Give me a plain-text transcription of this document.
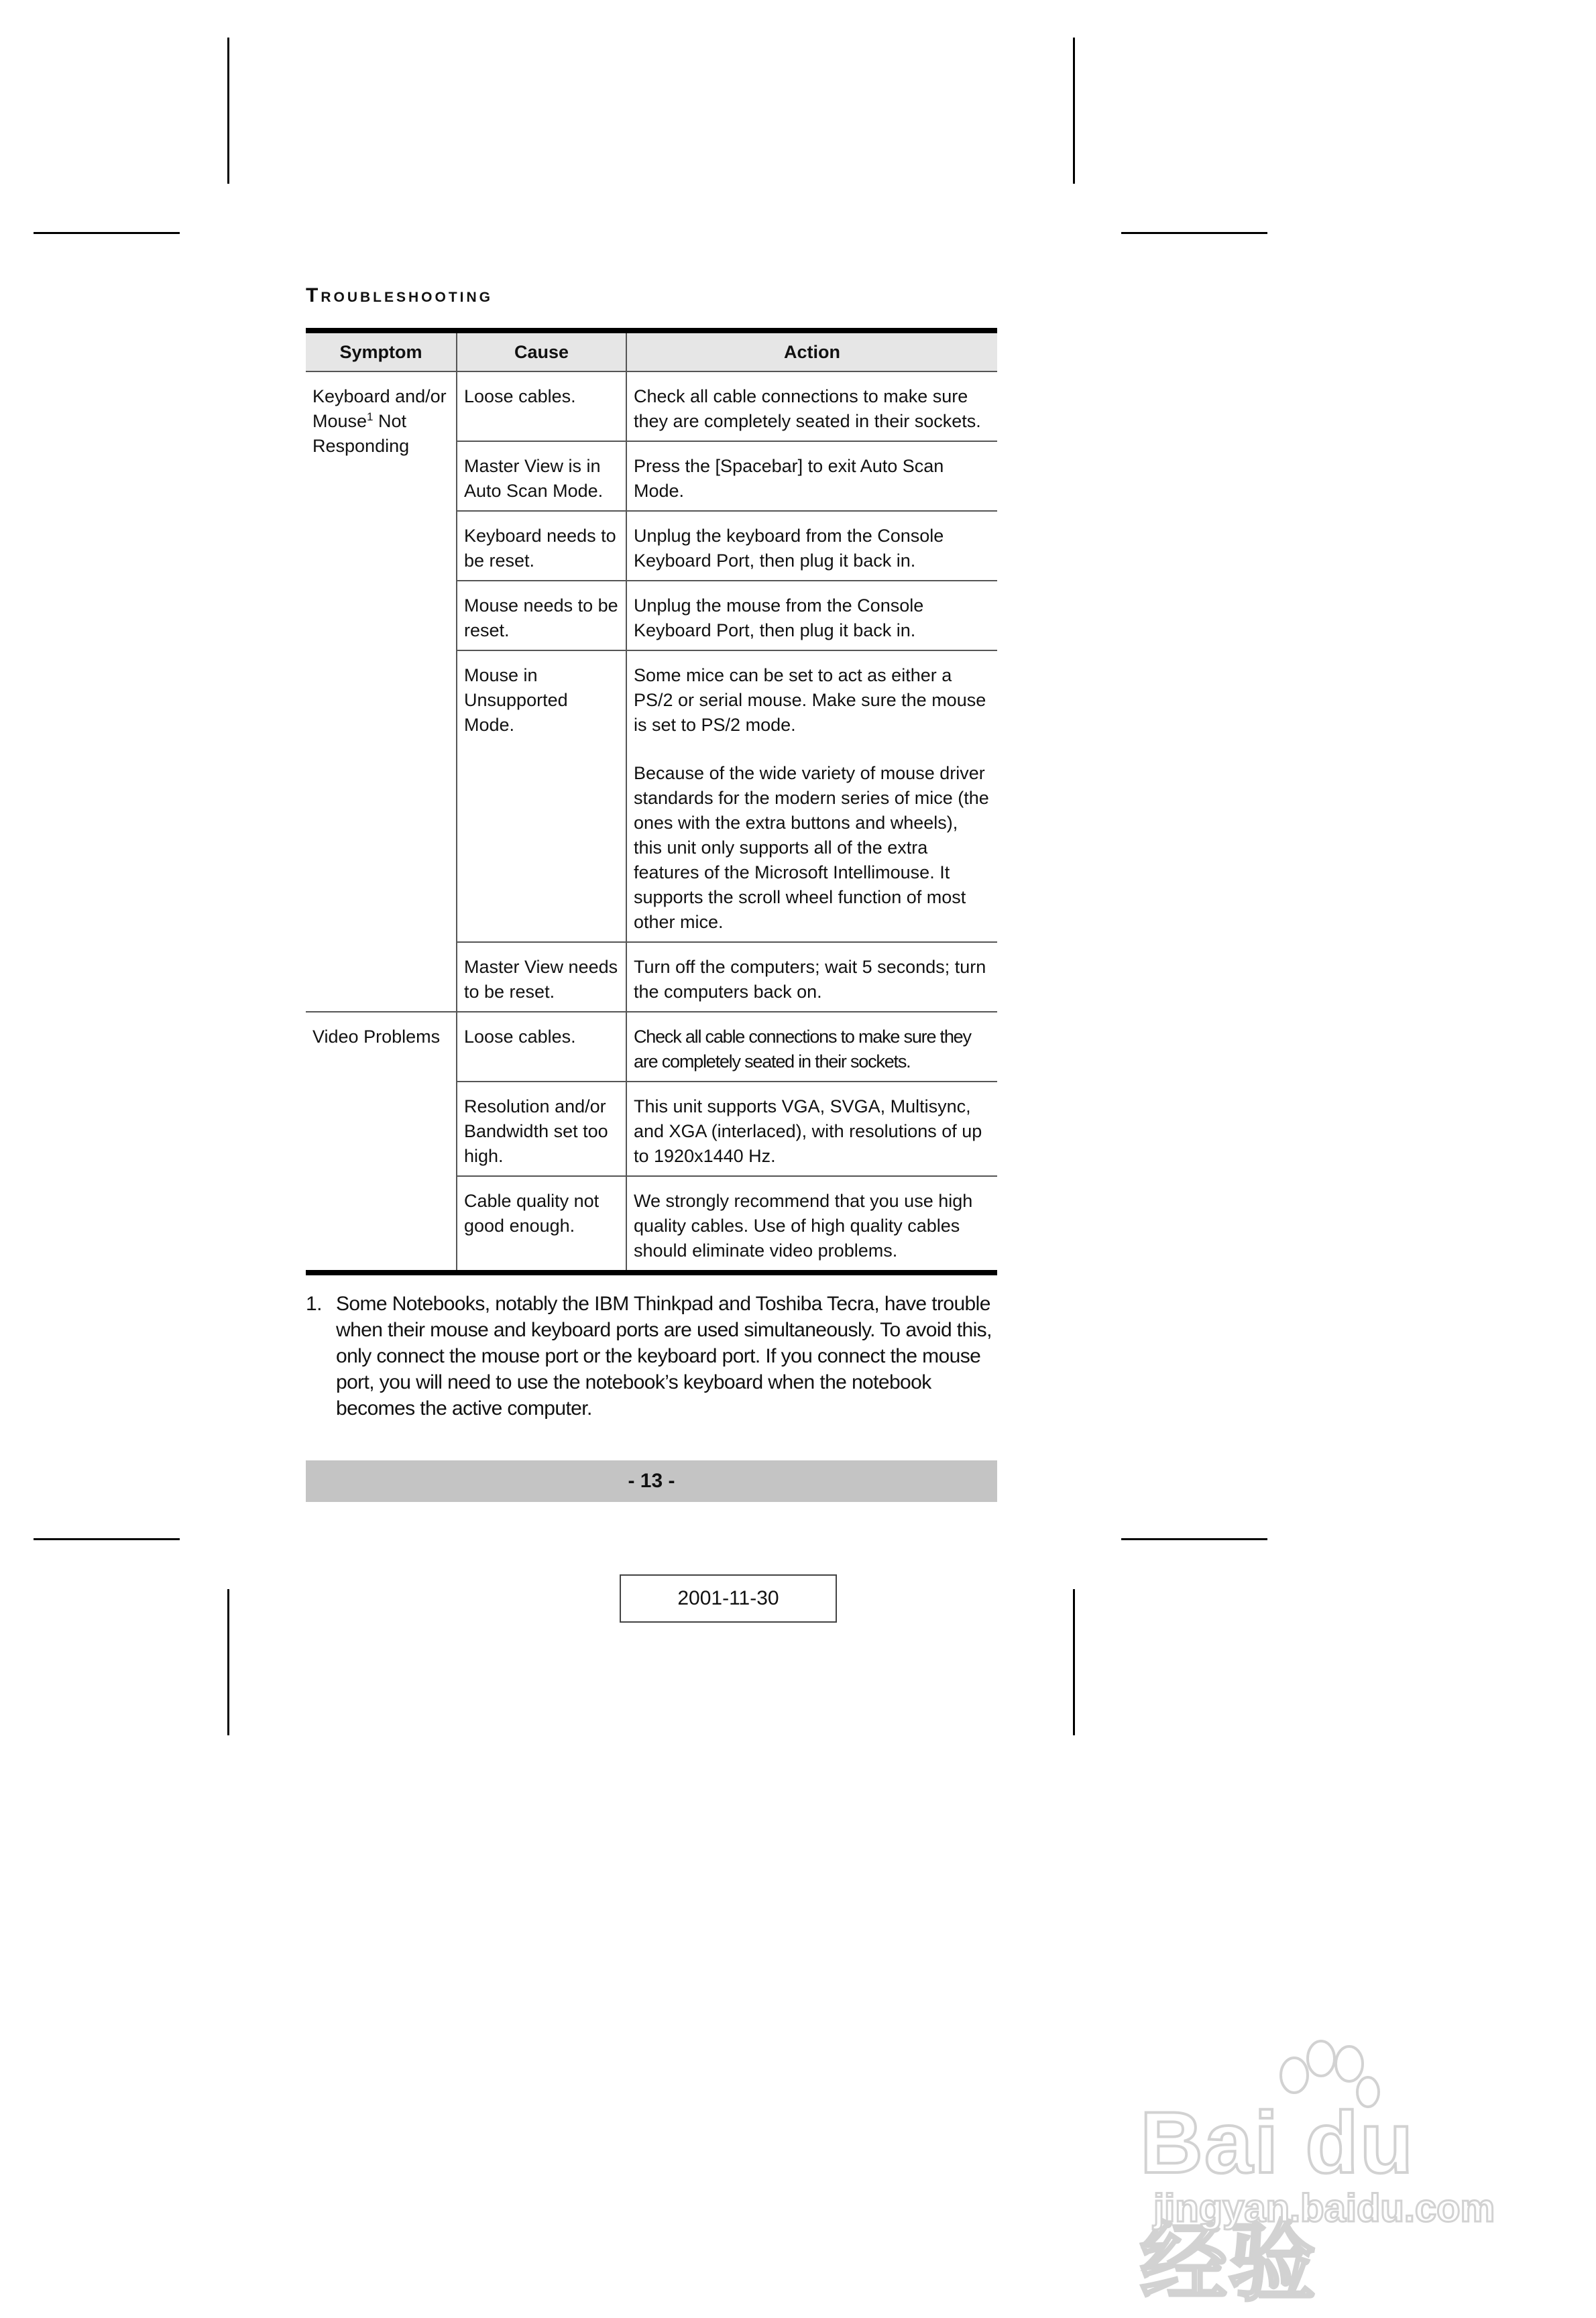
Troubleshooting
Symptom	Cause	Action
Keyboard and/or Mouse$^1$ Not Responding	Loose cables.	Check all cable connections to make sure they are completely seated in their sockets.
	Master View is in Auto Scan Mode.	Press the [Spacebar] to exit Auto Scan Mode.
	Keyboard needs to be reset.	Unplug the keyboard from the Console Keyboard Port, then plug it back in.
	Mouse needs to be reset.	Unplug the mouse from the Console Keyboard Port, then plug it back in.
	Mouse in Unsupported Mode.	Some mice can be set to act as either a PS/2 or serial mouse. Make sure the mouse is set to PS/2 mode.
Because of the wide variety of mouse driver standards for the modern series of mice (the ones with the extra buttons and wheels), this unit only supports all of the extra features of the Microsoft Intellimouse. It supports the scroll wheel function of most other mice.

	Master View needs to be reset.	Turn off the computers; wait 5 seconds; turn the computers back on.
Video Problems	Loose cables.	Check all cable connections to make sure they are completely seated in their sockets.
	Resolution and/or Bandwidth set too high.	This unit supports VGA, SVGA, Multisync, and XGA (interlaced), with resolutions of up to 1920x1440 Hz.
	Cable quality not good enough.	We strongly recommend that you use high quality cables. Use of high quality cables should eliminate video problems.
1. Some Notebooks, notably the IBM Thinkpad and Toshiba Tecra, have trouble when their mouse and keyboard ports are used simultaneously. To avoid this, only connect the mouse port or the keyboard port. If you connect the mouse port, you will need to use the notebook’s keyboard when the notebook becomes the active computer.
- 13 -
2001-11-30
Bai du 经验
jingyan.baidu.com
